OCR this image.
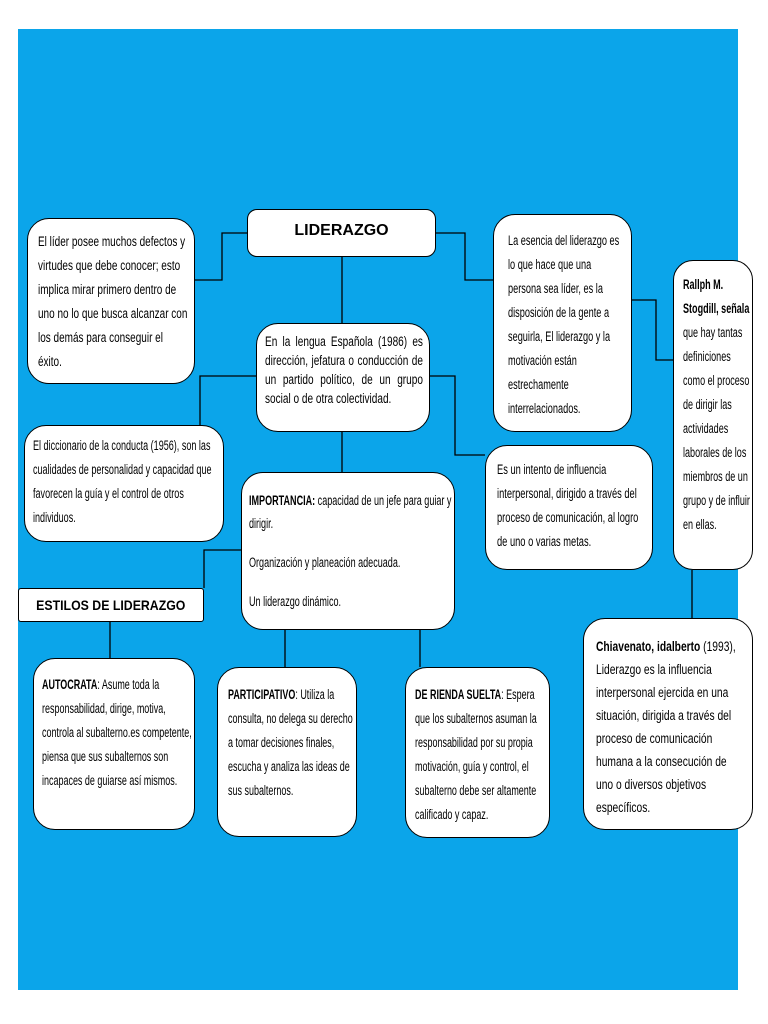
LIDERAZGO
El líder posee muchos defectos y virtudes que debe conocer; esto implica mirar primero dentro de uno no lo que busca alcanzar con los demás para conseguir el éxito.
En la lengua Española (1986) es dirección, jefatura o conducción de un partido político, de un grupo social o de otra colectividad.
La esencia del liderazgo es lo que hace que una persona sea líder, es la disposición de la gente a seguirla, El liderazgo y la motivación están estrechamente interrelacionados.
Rallph M. Stogdill, señala que hay tantas definiciones como el proceso de dirigir las actividades laborales de los miembros de un grupo y de influir en ellas.
El diccionario de la conducta (1956), son las cualidades de personalidad y capacidad que favorecen la guía y el control de otros individuos.
IMPORTANCIA: capacidad de un jefe para guiar y dirigir.
Organización y planeación adecuada.
Un liderazgo dinámico.
Es un intento de influencia interpersonal, dirigido a través del proceso de comunicación, al logro de uno o varias metas.
ESTILOS DE LIDERAZGO
AUTOCRATA: Asume toda la responsabilidad, dirige, motiva, controla al subalterno.es competente, piensa que sus subalternos son incapaces de guiarse así mismos.
PARTICIPATIVO: Utiliza la consulta, no delega su derecho a tomar decisiones finales, escucha y analiza las ideas de sus subalternos.
DE RIENDA SUELTA: Espera que los subalternos asuman la responsabilidad por su propia motivación, guía y control, el subalterno debe ser altamente calificado y capaz.
Chiavenato, idalberto (1993), Liderazgo es la influencia interpersonal ejercida en una situación, dirigida a través del proceso de comunicación humana a la consecución de uno o diversos objetivos específicos.
